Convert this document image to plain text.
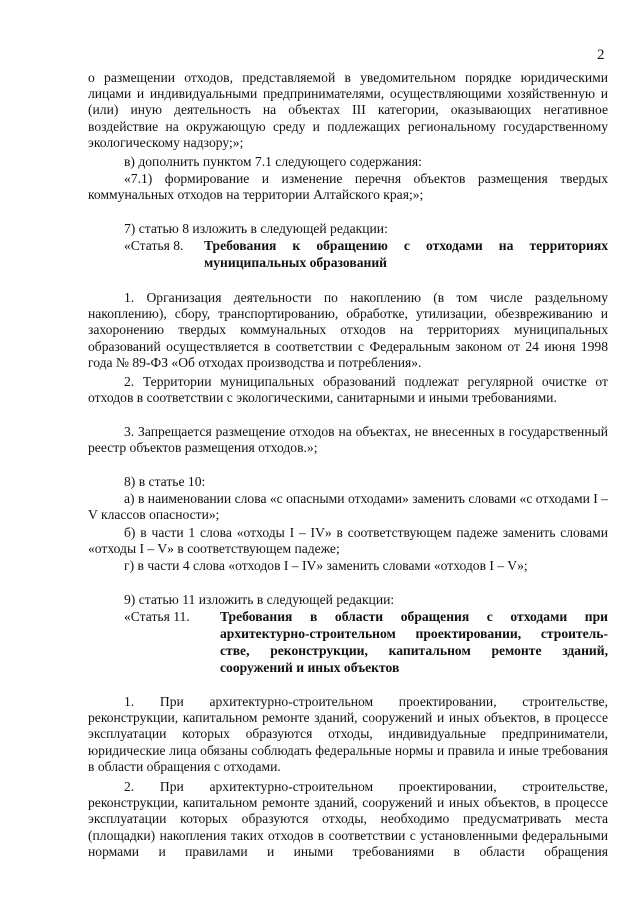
2
о размещении отходов, представляемой в уведомительном порядке юридическими лицами и индивидуальными предпринимателями, осуществляющими хозяйственную и (или) иную деятельность на объектах III категории, оказывающих негативное воздействие на окружающую среду и подлежащих региональному государственному экологическому надзору;»;
в) дополнить пунктом 7.1 следующего содержания:
«7.1) формирование и изменение перечня объектов размещения твердых коммунальных отходов на территории Алтайского края;»;
7) статью 8 изложить в следующей редакции:
«Статья 8. Требования к обращению с отходами на территориях
муниципальных образований
1. Организация деятельности по накоплению (в том числе раздельному накоплению), сбору, транспортированию, обработке, утилизации, обезвреживанию и захоронению твердых коммунальных отходов на территориях муниципальных образований осуществляется в соответствии с Федеральным законом от 24 июня 1998 года № 89-ФЗ «Об отходах производства и потребления».
2. Территории муниципальных образований подлежат регулярной очистке от отходов в соответствии с экологическими, санитарными и иными требованиями.
3. Запрещается размещение отходов на объектах, не внесенных в государственный реестр объектов размещения отходов.»;
8) в статье 10:
а) в наименовании слова «с опасными отходами» заменить словами «с отходами I – V классов опасности»;
б) в части 1 слова «отходы I – IV» в соответствующем падеже заменить словами «отходы I – V» в соответствующем падеже;
г) в части 4 слова «отходов I – IV» заменить словами «отходов I – V»;
9) статью 11 изложить в следующей редакции:
«Статья 11. Требования в области обращения с отходами при
архитектурно-строительном проектировании, строитель-
стве, реконструкции, капитальном ремонте зданий,
сооружений и иных объектов
1. При архитектурно-строительном проектировании, строительстве, реконструкции, капитальном ремонте зданий, сооружений и иных объектов, в процессе эксплуатации которых образуются отходы, индивидуальные предприниматели, юридические лица обязаны соблюдать федеральные нормы и правила и иные требования в области обращения с отходами.
2. При архитектурно-строительном проектировании, строительстве, реконструкции, капитальном ремонте зданий, сооружений и иных объектов, в процессе эксплуатации которых образуются отходы, необходимо предусматривать места (площадки) накопления таких отходов в соответствии с установленными федеральными нормами и правилами и иными требованиями в области обращения
